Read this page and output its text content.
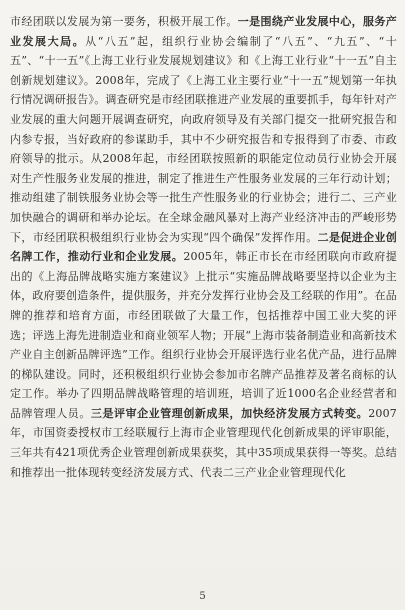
市经团联以发展为第一要务，积极开展工作。一是围绕产业发展中心，服务产业发展大局。从“八五”起，组织行业协会编制了“八五”、“九五”、“十五”、“十一五”《上海工业行业发展规划建议》和《上海工业行业“十一五”自主创新规划建议》。2008年，完成了《上海工业主要行业“十一五”规划第一年执行情况调研报告》。调查研究是市经团联推进产业发展的重要抓手，每年针对产业发展的重大问题开展调查研究，向政府领导及有关部门提交一批研究报告和内参专报，当好政府的参谋助手，其中不少研究报告和专报得到了市委、市政府领导的批示。从2008年起，市经团联按照新的职能定位动员行业协会开展对生产性服务业发展的推进，制定了推进生产性服务业发展的三年行动计划；推动组建了制铁服务业协会等一批生产性服务业的行业协会；进行二、三产业加快融合的调研和举办论坛。在全球金融风暴对上海产业经济冲击的严峻形势下，市经团联积极组织行业协会为实现“四个确保”发挥作用。二是促进企业创名牌工作，推动行业和企业发展。2005年，韩正市长在市经团联向市政府提出的《上海品牌战略实施方案建议》上批示“实施品牌战略要坚持以企业为主体，政府要创造条件，提供服务，并充分发挥行业协会及工经联的作用”。在品牌的推荐和培育方面，市经团联做了大量工作，包括推荐中国工业大奖的评选；评选上海先进制造业和商业领军人物；开展“上海市装备制造业和高新技术产业自主创新品牌评选”工作。组织行业协会开展评选行业名优产品，进行品牌的梯队建设。同时，还积极组织行业协会参加市名牌产品推荐及著名商标的认定工作。举办了四期品牌战略管理的培训班，培训了近1000名企业经营者和品牌管理人员。三是评审企业管理创新成果，加快经济发展方式转变。2007年，市国资委授权市工经联履行上海市企业管理现代化创新成果的评审职能，三年共有421项优秀企业管理创新成果获奖，其中35项成果获得一等奖。总结和推荐出一批体现转变经济发展方式、代表二三产业企业管理现代化

5
